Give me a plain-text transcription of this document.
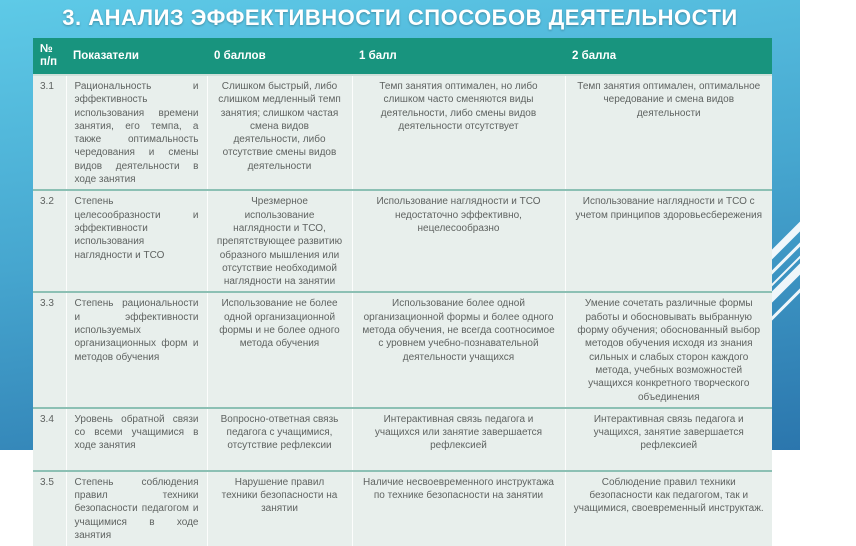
3. АНАЛИЗ ЭФФЕКТИВНОСТИ СПОСОБОВ ДЕЯТЕЛЬНОСТИ
№ п/п	Показатели	0 баллов	1 балл	2 балла
3.1	Рациональность и эффективность использования времени занятия, его темпа, а также оптимальность чередования и смены видов деятельности в ходе занятия	Слишком быстрый, либо слишком медленный темп занятия; слишком частая смена видов деятельности, либо отсутствие смены видов деятельности	Темп занятия оптимален, но либо слишком часто сменяются виды деятельности, либо смены видов деятельности отсутствует	Темп занятия оптимален, оптимальное чередование и смена видов деятельности
3.2	Степень целесообразности и эффективности использования наглядности и ТСО	Чрезмерное использование наглядности и ТСО, препятствующее развитию образного мышления или отсутствие необходимой наглядности на занятии	Использование наглядности и ТСО недостаточно эффективно, нецелесообразно	Использование наглядности и ТСО с учетом принципов здоровьесбережения
3.3	Степень рациональности и эффективности используемых организационных форм и методов обучения	Использование не более одной организационной формы и не более одного метода обучения	Использование более одной организационной формы и более одного метода обучения, не всегда соотносимое с уровнем учебно-познавательной деятельности учащихся	Умение сочетать различные формы работы и обосновывать выбранную форму обучения; обоснованный выбор методов обучения исходя из знания сильных и слабых сторон каждого метода, учебных возможностей учащихся конкретного творческого объединения
3.4	Уровень обратной связи со всеми учащимися в ходе занятия	Вопросно-ответная связь педагога с учащимися, отсутствие рефлексии	Интерактивная связь педагога и учащихся или занятие завершается рефлексией	Интерактивная связь педагога и учащихся, занятие завершается рефлексией
3.5	Степень соблюдения правил техники безопасности педагогом и учащимися в ходе занятия	Нарушение правил техники безопасности на занятии	Наличие несвоевременного инструктажа по технике безопасности на занятии	Соблюдение правил техники безопасности как педагогом, так и учащимися, своевременный инструктаж.
